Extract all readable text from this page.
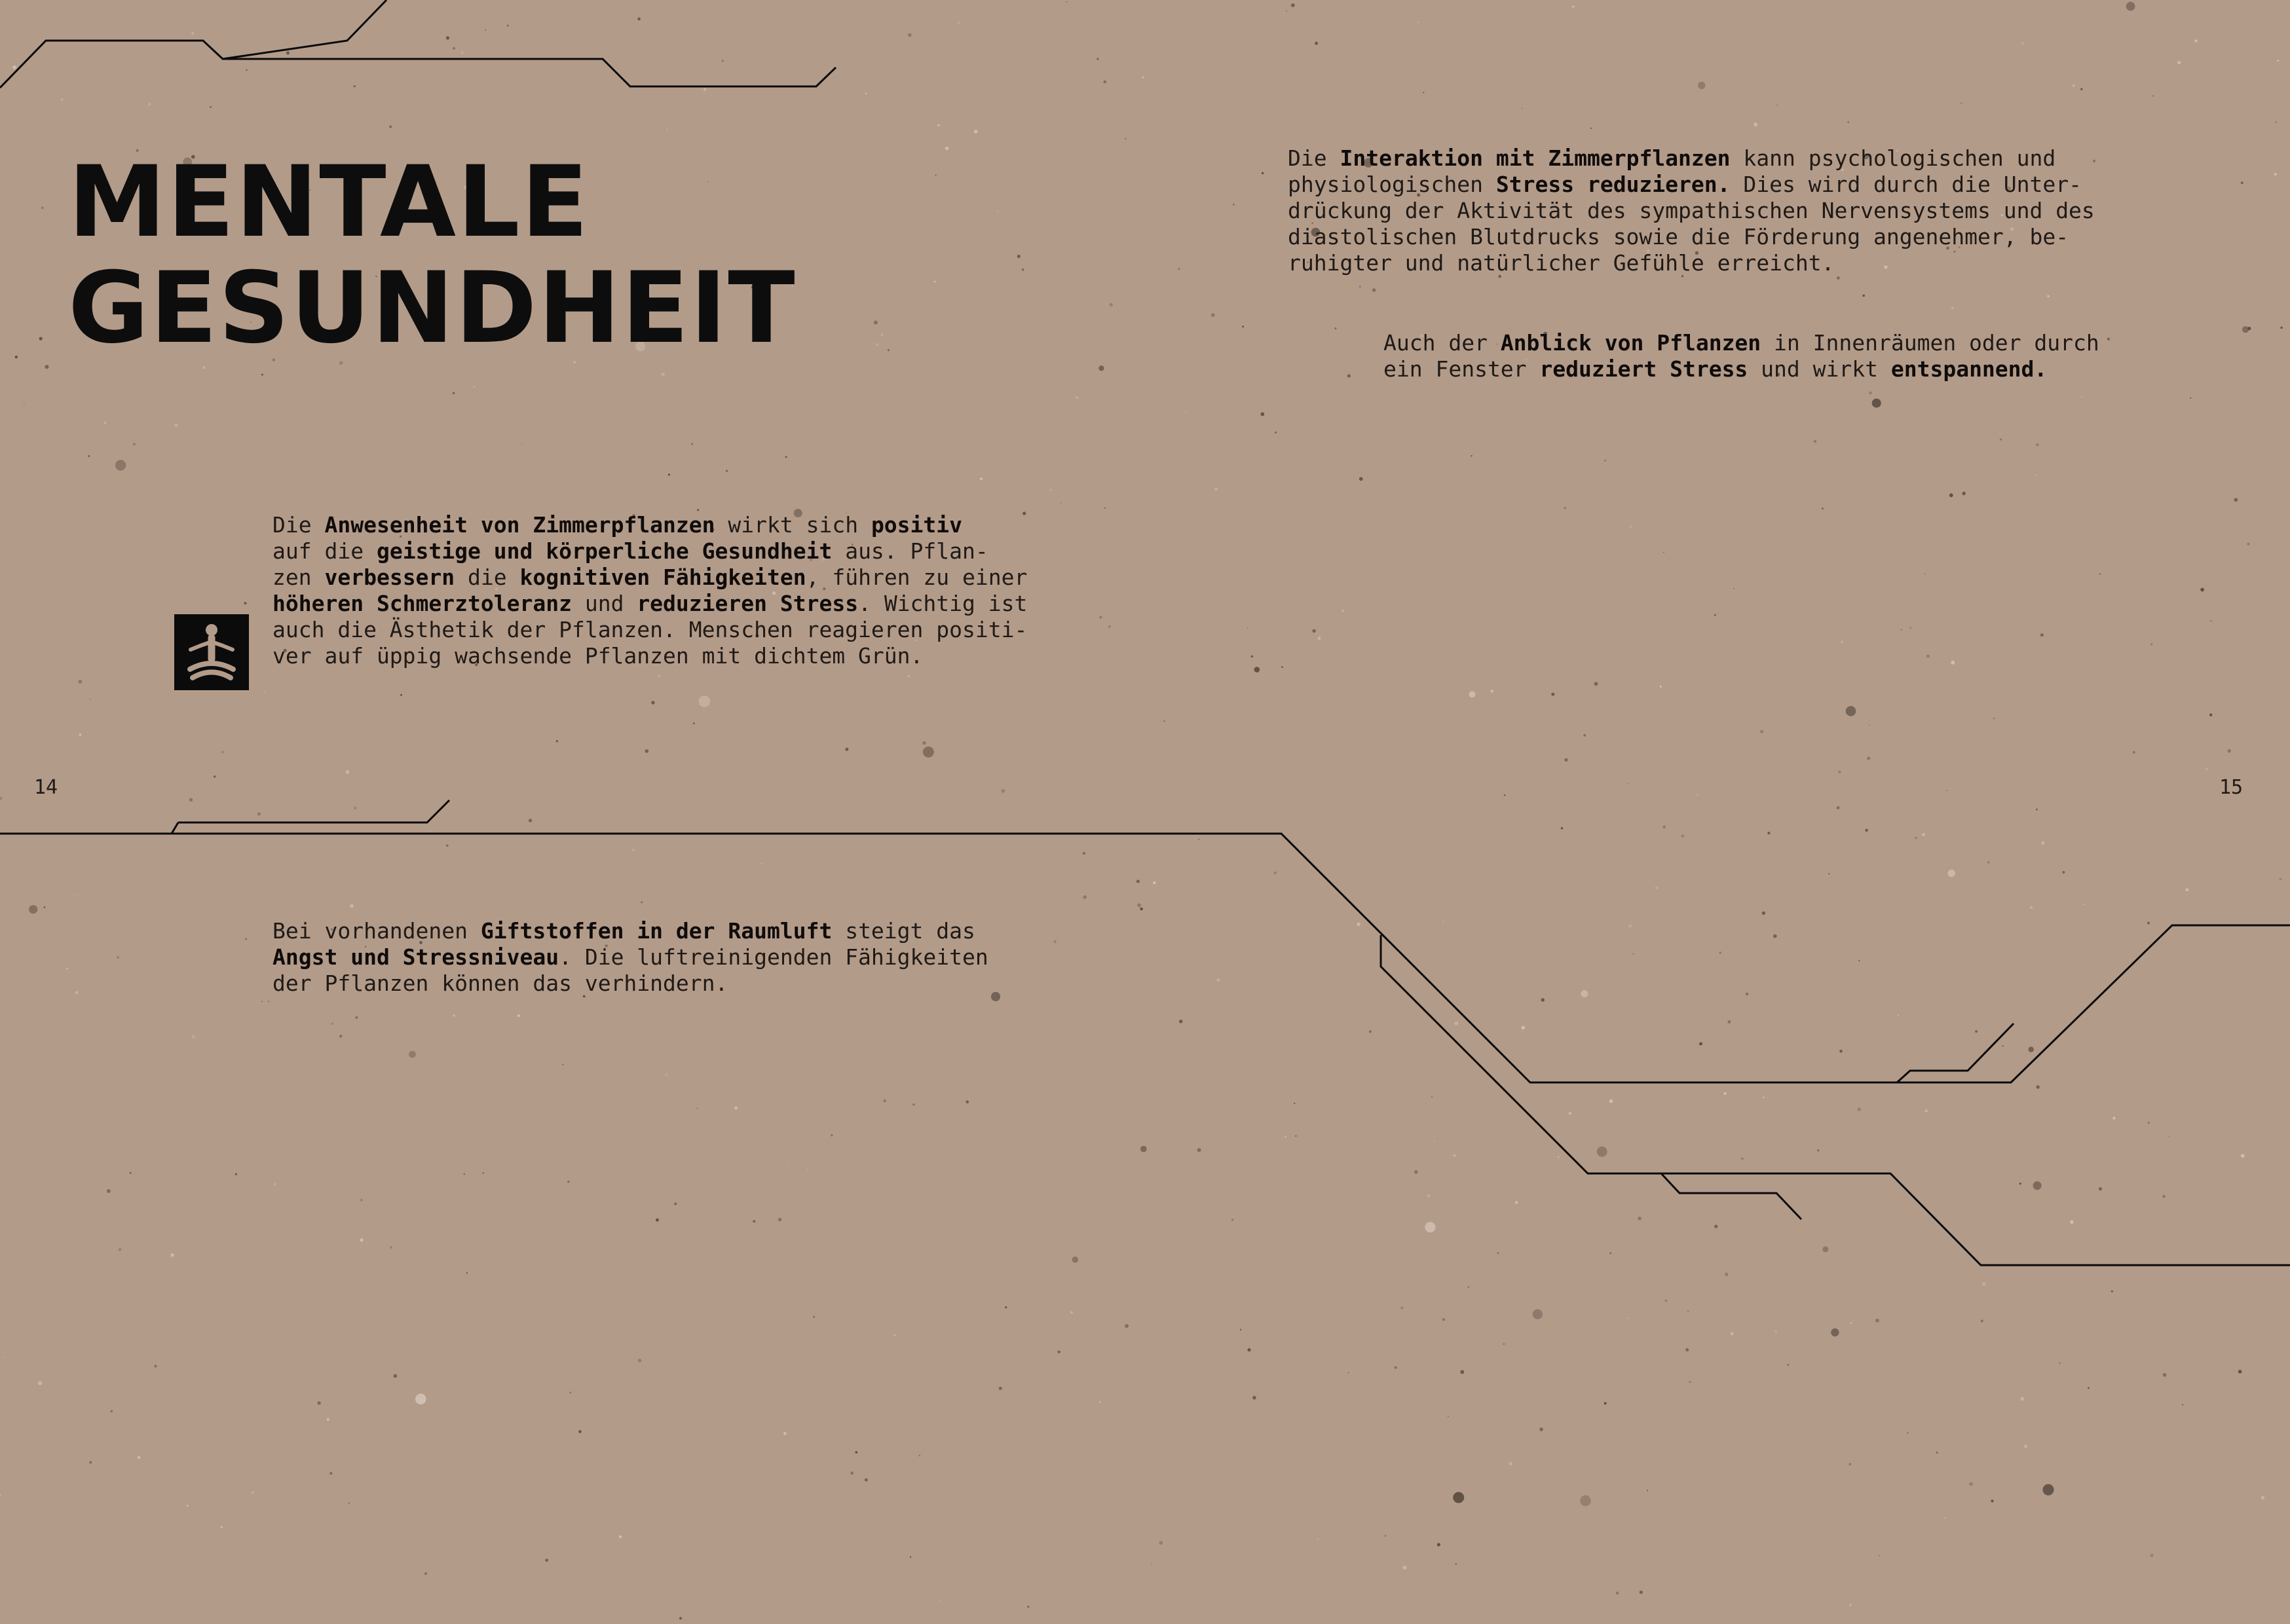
MENTALE
GESUNDHEIT

Die Anwesenheit von Zimmerpflanzen wirkt sich positiv
auf die geistige und körperliche Gesundheit aus. Pflan-
zen verbessern die kognitiven Fähigkeiten, führen zu einer
höheren Schmerztoleranz und reduzieren Stress. Wichtig ist
auch die Ästhetik der Pflanzen. Menschen reagieren positi-
ver auf üppig wachsende Pflanzen mit dichtem Grün.

Bei vorhandenen Giftstoffen in der Raumluft steigt das
Angst und Stressniveau. Die luftreinigenden Fähigkeiten
der Pflanzen können das verhindern.

Die Interaktion mit Zimmerpflanzen kann psychologischen und
physiologischen Stress reduzieren. Dies wird durch die Unter-
drückung der Aktivität des sympathischen Nervensystems und des
diastolischen Blutdrucks sowie die Förderung angenehmer, be-
ruhigter und natürlicher Gefühle erreicht.

Auch der Anblick von Pflanzen in Innenräumen oder durch
ein Fenster reduziert Stress und wirkt entspannend.

14	15
